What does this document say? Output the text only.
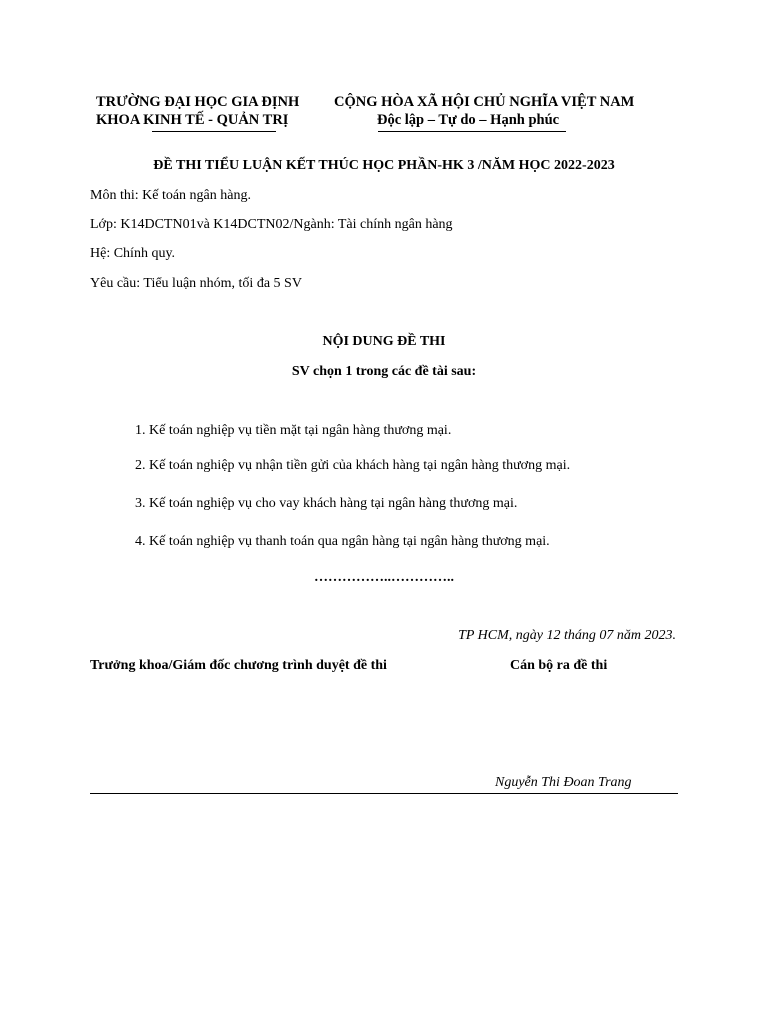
TRƯỜNG ĐẠI HỌC GIA ĐỊNH
KHOA KINH TẾ - QUẢN TRỊ
CỘNG HÒA XÃ HỘI CHỦ NGHĨA VIỆT NAM
Độc lập – Tự do – Hạnh phúc
ĐỀ THI TIỂU LUẬN KẾT THÚC HỌC PHẦN-HK 3 /NĂM HỌC 2022-2023
Môn thi: Kế toán ngân hàng.
Lớp: K14DCTN01và K14DCTN02/Ngành: Tài chính ngân hàng
Hệ: Chính quy.
Yêu cầu: Tiểu luận nhóm, tối đa 5 SV
NỘI DUNG ĐỀ THI
SV chọn 1 trong các đề tài sau:
1. Kế toán nghiệp vụ tiền mặt tại ngân hàng thương mại.
2. Kế toán nghiệp vụ nhận tiền gửi của khách hàng tại ngân hàng thương mại.
3. Kế toán nghiệp vụ cho vay khách hàng tại ngân hàng thương mại.
4. Kế toán nghiệp vụ thanh toán qua ngân hàng tại ngân hàng thương mại.
……………..…………..
TP HCM, ngày 12 tháng 07 năm 2023.
Trưởng khoa/Giám đốc chương trình duyệt đề thi	Cán bộ ra đề thi
Nguyễn Thi Đoan Trang
